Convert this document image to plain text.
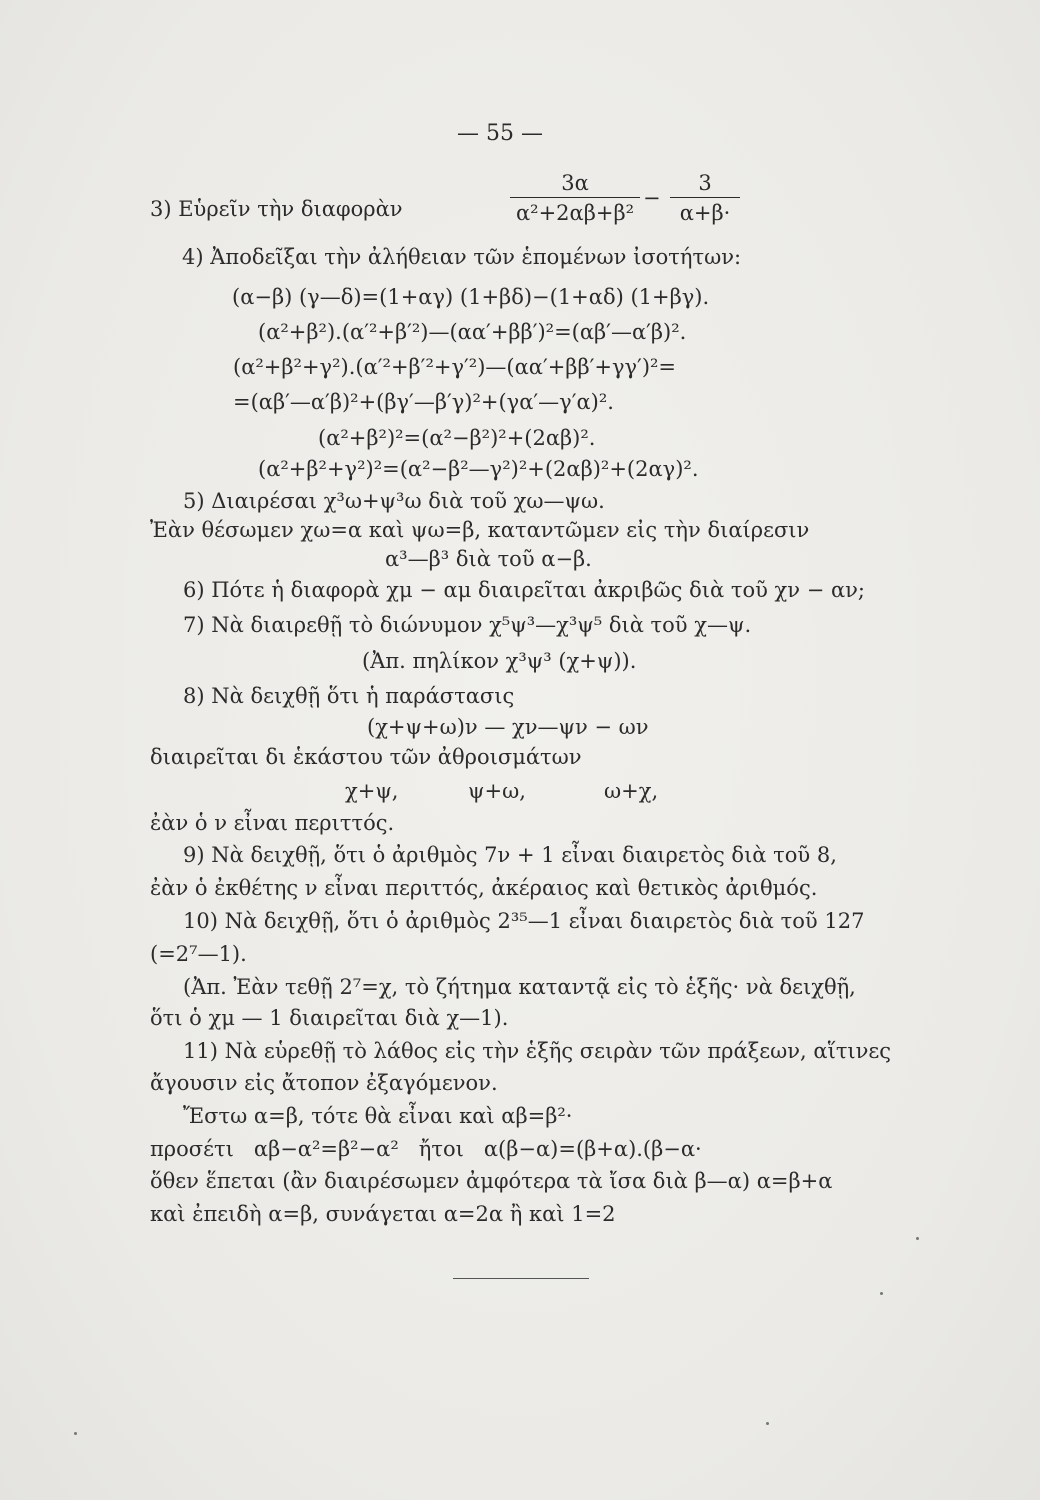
— 55 —
3) Εὑρεῖν τὴν διαφορὰν
3α
α²+2αβ+β²
−
3
α+β·
4) Ἀποδεῖξαι τὴν ἀλήθειαν τῶν ἑπομένων ἰσοτήτων:
(α−β) (γ—δ)=(1+αγ) (1+βδ)−(1+αδ) (1+βγ).
(α²+β²).(α′²+β′²)—(αα′+ββ′)²=(αβ′—α′β)².
(α²+β²+γ²).(α′²+β′²+γ′²)—(αα′+ββ′+γγ′)²=
=(αβ′—α′β)²+(βγ′—β′γ)²+(γα′—γ′α)².
(α²+β²)²=(α²−β²)²+(2αβ)².
(α²+β²+γ²)²=(α²−β²—γ²)²+(2αβ)²+(2αγ)².
5) Διαιρέσαι χ³ω+ψ³ω διὰ τοῦ χω—ψω.
Ἐὰν θέσωμεν χω=α καὶ ψω=β, καταντῶμεν εἰς τὴν διαίρεσιν
α³—β³ διὰ τοῦ α−β.
6) Πότε ἡ διαφορὰ χμ − αμ διαιρεῖται ἀκριβῶς διὰ τοῦ χν − αν;
7) Νὰ διαιρεθῇ τὸ διώνυμον χ⁵ψ³—χ³ψ⁵ διὰ τοῦ χ—ψ.
(Ἀπ. πηλίκον χ³ψ³ (χ+ψ)).
8) Νὰ δειχθῇ ὅτι ἡ παράστασις
(χ+ψ+ω)ν — χν—ψν − ων
διαιρεῖται δι ἑκάστου τῶν ἀθροισμάτων
χ+ψ,	ψ+ω,	ω+χ,
ἐὰν ὁ ν εἶναι περιττός.
9) Νὰ δειχθῇ, ὅτι ὁ ἀριθμὸς 7ν + 1 εἶναι διαιρετὸς διὰ τοῦ 8,
ἐὰν ὁ ἐκθέτης ν εἶναι περιττός, ἀκέραιος καὶ θετικὸς ἀριθμός.
10) Νὰ δειχθῇ, ὅτι ὁ ἀριθμὸς 2³⁵—1 εἶναι διαιρετὸς διὰ τοῦ 127
(=2⁷—1).
(Ἀπ. Ἐὰν τεθῇ 2⁷=χ, τὸ ζήτημα καταντᾷ εἰς τὸ ἑξῆς· νὰ δειχθῇ,
ὅτι ὁ χμ — 1 διαιρεῖται διὰ χ—1).
11) Νὰ εὑρεθῇ τὸ λάθος εἰς τὴν ἑξῆς σειρὰν τῶν πράξεων, αἵτινες
ἄγουσιν εἰς ἄτοπον ἐξαγόμενον.
Ἔστω α=β, τότε θὰ εἶναι καὶ αβ=β²·
προσέτι   αβ−α²=β²−α²   ἤτοι   α(β−α)=(β+α).(β−α·
ὅθεν ἕπεται (ἂν διαιρέσωμεν ἀμφότερα τὰ ἴσα διὰ β—α) α=β+α
καὶ ἐπειδὴ α=β, συνάγεται α=2α ἢ καὶ 1=2
